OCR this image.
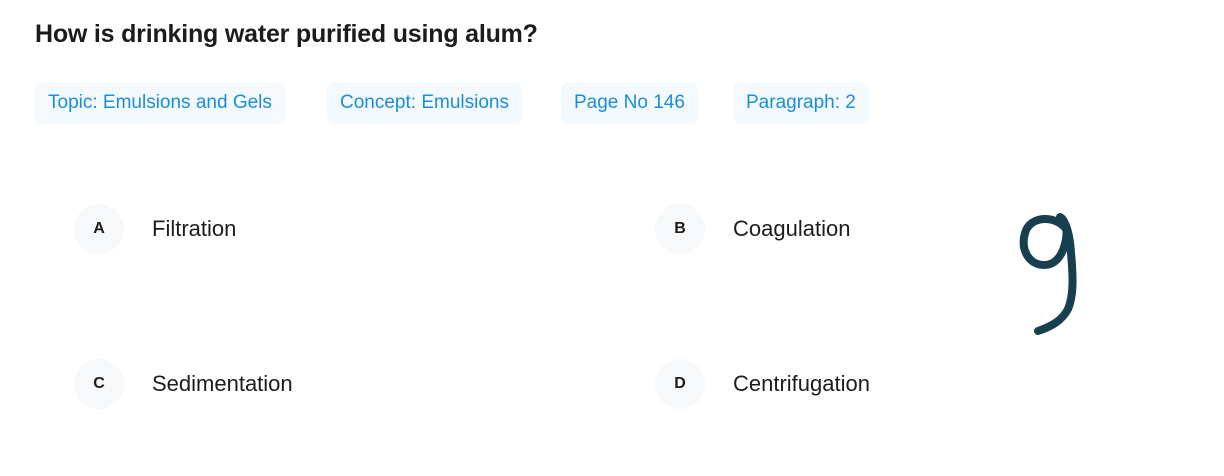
How is drinking water purified using alum?
Topic: Emulsions and Gels	Concept: Emulsions	Page No 146	Paragraph: 2
A	Filtration	B	Coagulation
C	Sedimentation	D	Centrifugation
